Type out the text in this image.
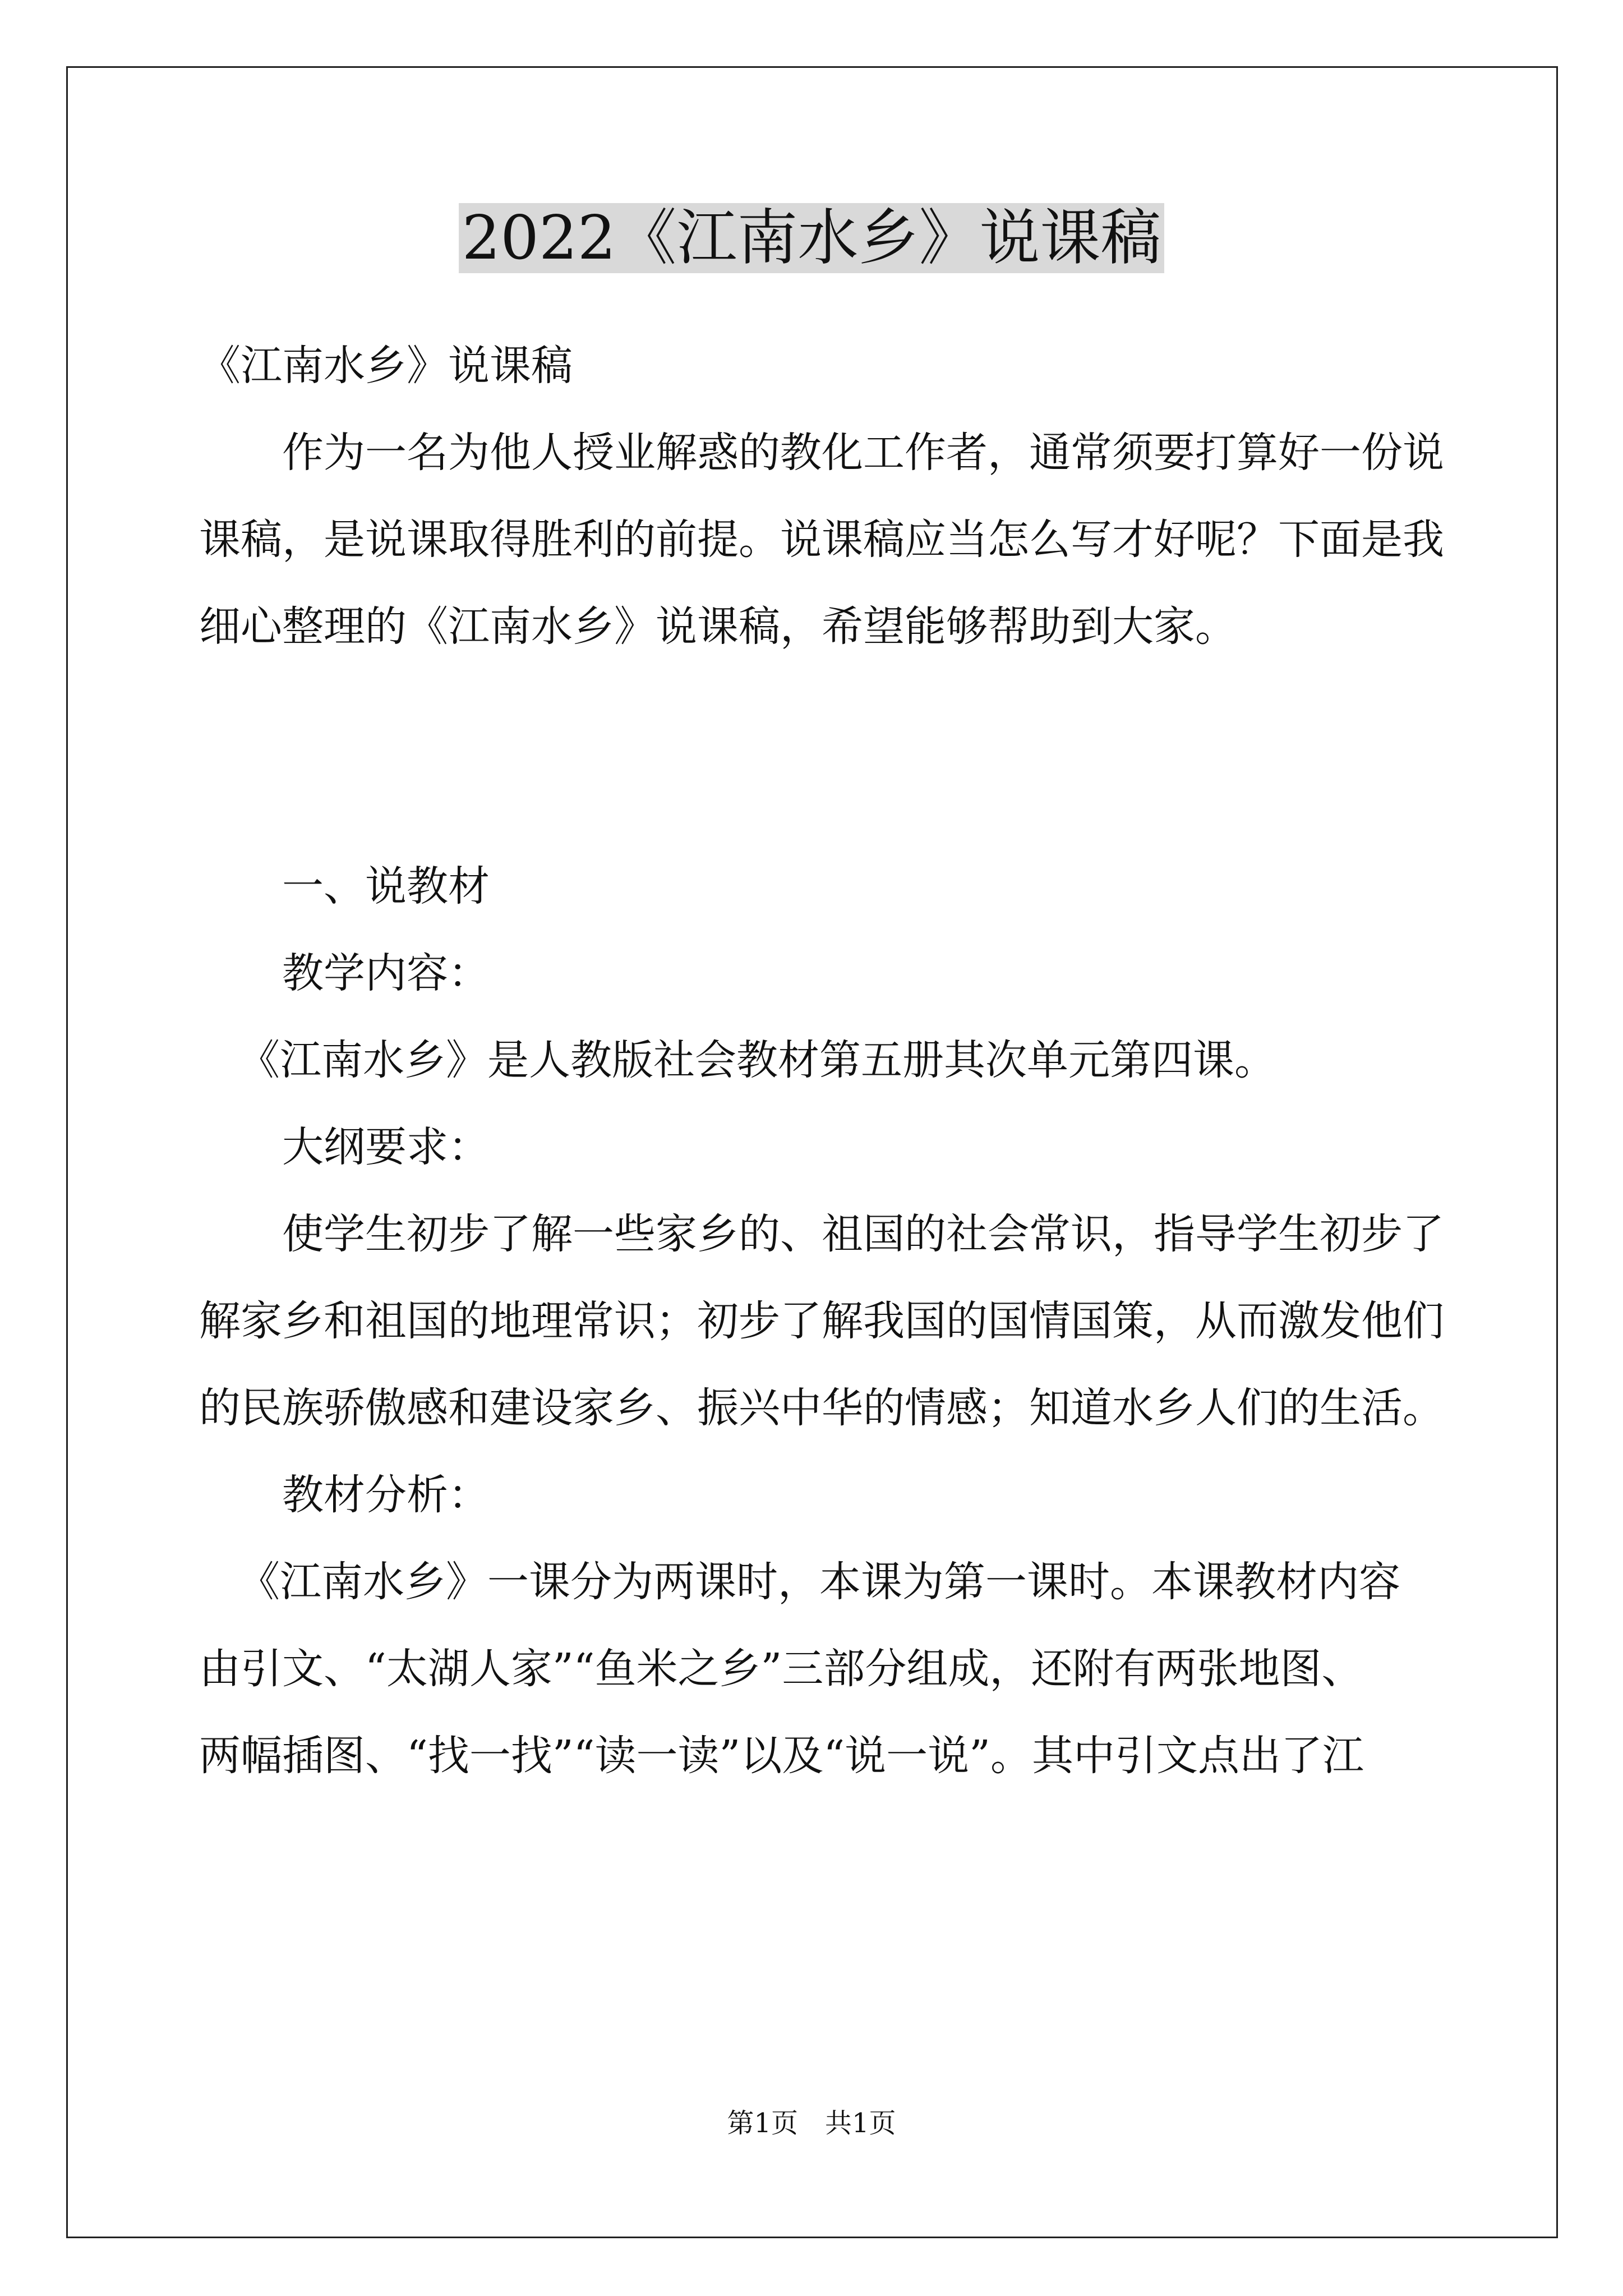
2022《江南水乡》说课稿

《江南水乡》说课稿

作为一名为他人授业解惑的教化工作者，通常须要打算好一份说

课稿，是说课取得胜利的前提。说课稿应当怎么写才好呢？下面是我

细心整理的《江南水乡》说课稿，希望能够帮助到大家。

一、说教材

教学内容：

《江南水乡》是人教版社会教材第五册其次单元第四课。

大纲要求：

使学生初步了解一些家乡的、祖国的社会常识，指导学生初步了

解家乡和祖国的地理常识；初步了解我国的国情国策，从而激发他们

的民族骄傲感和建设家乡、振兴中华的情感；知道水乡人们的生活。

教材分析：

《江南水乡》一课分为两课时，本课为第一课时。本课教材内容

由引文、“太湖人家”“鱼米之乡”三部分组成，还附有两张地图、

两幅插图、“找一找”“读一读”以及“说一说”。其中引文点出了江

第1页　共1页
